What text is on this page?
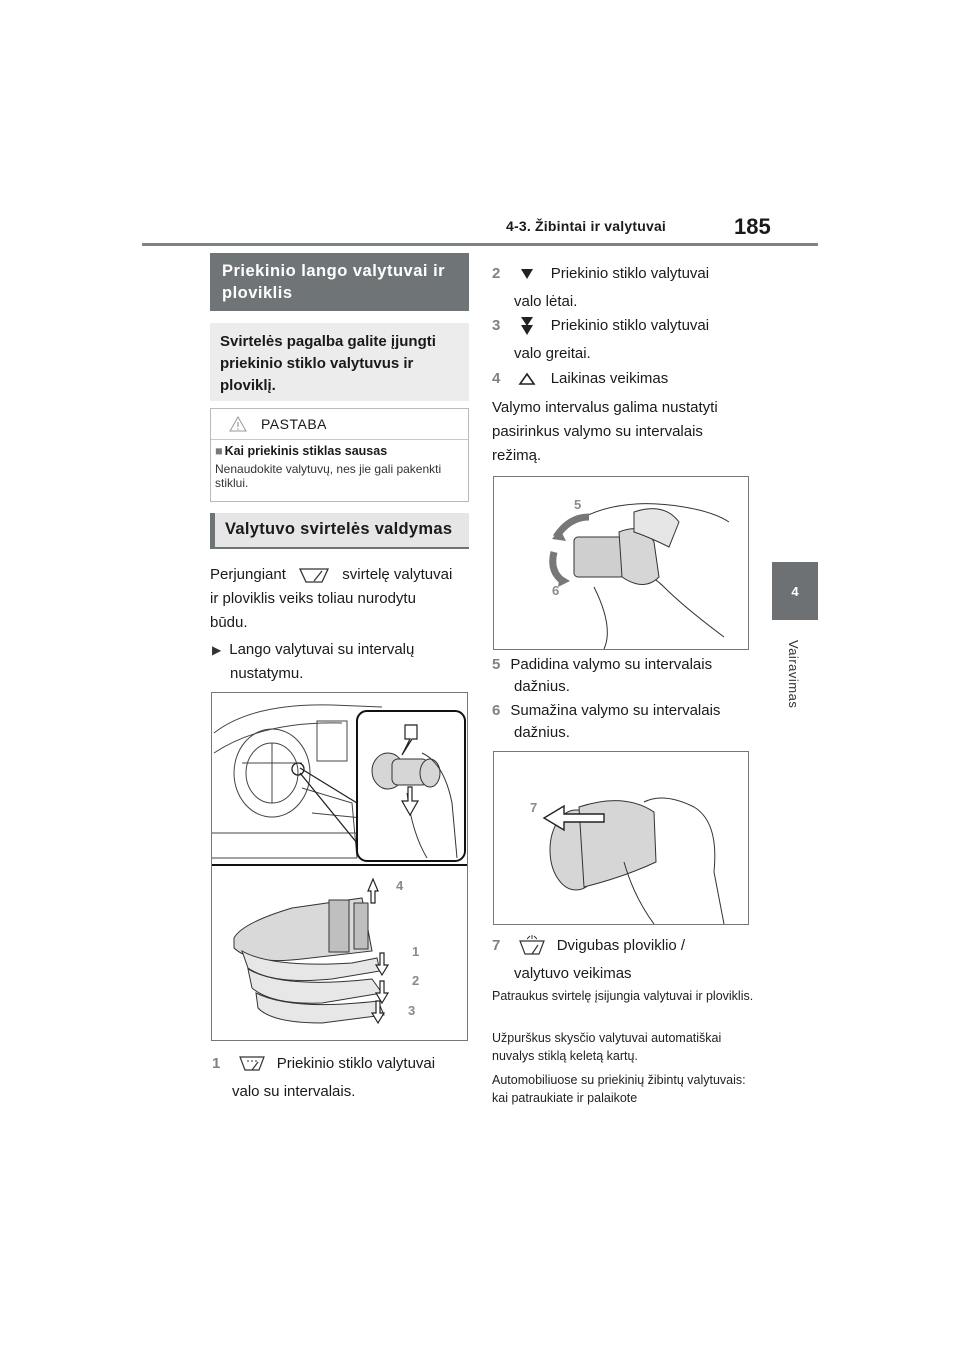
4-3. Žibintai ir valytuvai	185
4
Vairavimas
Priekinio lango valytuvai ir ploviklis
Svirtelės pagalba galite įjungti priekinio stiklo valytuvus ir ploviklį.
PASTABA
■ Kai priekinis stiklas sausas
Nenaudokite valytuvų, nes jie gali pakenkti stiklui.
Valytuvo svirtelės valdymas
Perjungiant	svirtelę valytuvai
ir ploviklis veiks toliau nurodytu
būdu.
▶ Lango valytuvai su intervalų
nustatymu.
4
1
2
3
1	Priekinio stiklo valytuvai
valo su intervalais.
2	Priekinio stiklo valytuvai
valo lėtai.
3	Priekinio stiklo valytuvai
valo greitai.
4	Laikinas veikimas
Valymo intervalus galima nustatyti
pasirinkus valymo su intervalais
režimą.
5
6
5 Padidina valymo su intervalais
dažnius.
6 Sumažina valymo su intervalais
dažnius.
7
7	Dvigubas ploviklio /
valytuvo veikimas
Patraukus svirtelę įsijungia valytuvai ir ploviklis.
Užpurškus skysčio valytuvai automatiškai nuvalys stiklą keletą kartų.
Automobiliuose su priekinių žibintų valytuvais: kai patraukiate ir palaikote
